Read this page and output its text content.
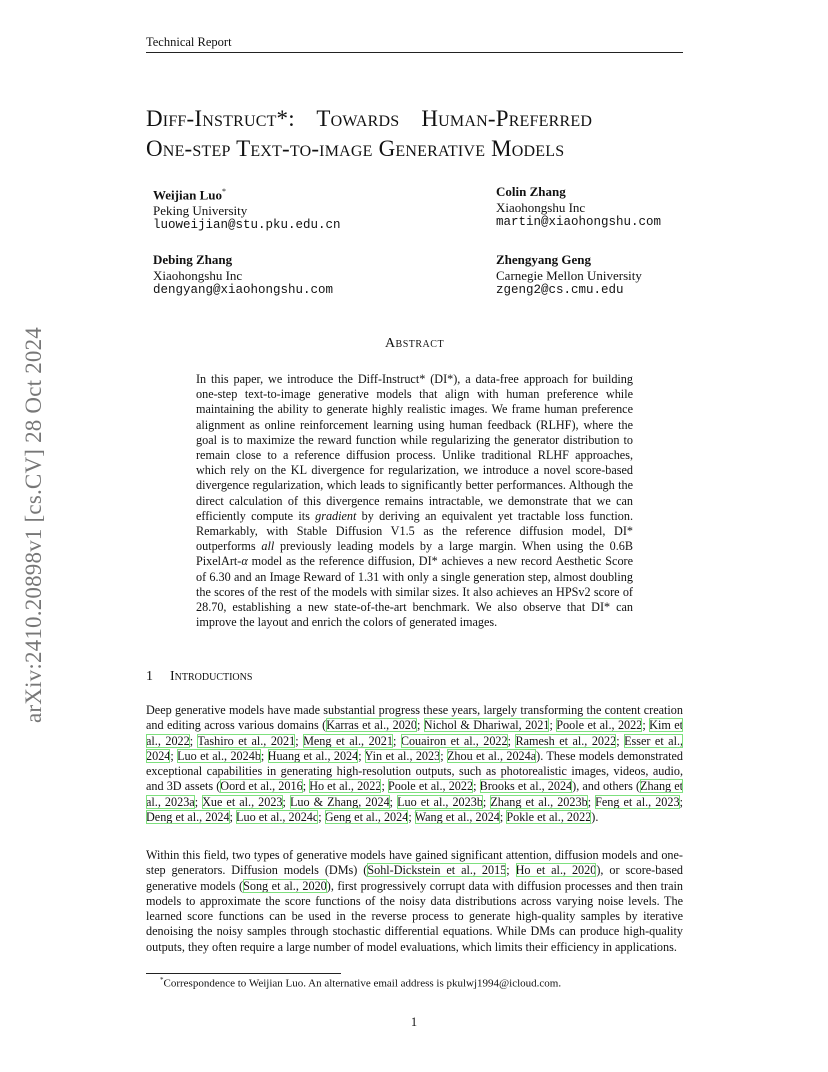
Technical Report
arXiv:2410.20898v1 [cs.CV] 28 Oct 2024
Diff-Instruct*: Towards Human-Preferred
One-step Text-to-image Generative Models
Weijian Luo*
Peking University
luoweijian@stu.pku.edu.cn
Colin Zhang
Xiaohongshu Inc
martin@xiaohongshu.com
Debing Zhang
Xiaohongshu Inc
dengyang@xiaohongshu.com
Zhengyang Geng
Carnegie Mellon University
zgeng2@cs.cmu.edu
Abstract
In this paper, we introduce the Diff-Instruct* (DI*), a data-free approach for building one-step text-to-image generative models that align with human preference while maintaining the ability to generate highly realistic images. We frame human preference alignment as online reinforcement learning using human feedback (RLHF), where the goal is to maximize the reward function while regularizing the generator distribution to remain close to a reference diffusion process. Unlike traditional RLHF approaches, which rely on the KL divergence for regularization, we introduce a novel score-based divergence regularization, which leads to significantly better performances. Although the direct calculation of this divergence remains intractable, we demonstrate that we can efficiently compute its gradient by deriving an equivalent yet tractable loss function. Remarkably, with Stable Diffusion V1.5 as the reference diffusion model, DI* outperforms all previously leading models by a large margin. When using the 0.6B PixelArt-α model as the reference diffusion, DI* achieves a new record Aesthetic Score of 6.30 and an Image Reward of 1.31 with only a single generation step, almost doubling the scores of the rest of the models with similar sizes. It also achieves an HPSv2 score of 28.70, establishing a new state-of-the-art benchmark. We also observe that DI* can improve the layout and enrich the colors of generated images.
1 Introductions
Deep generative models have made substantial progress these years, largely transforming the content creation and editing across various domains (Karras et al., 2020; Nichol & Dhariwal, 2021; Poole et al., 2022; Kim et al., 2022; Tashiro et al., 2021; Meng et al., 2021; Couairon et al., 2022; Ramesh et al., 2022; Esser et al., 2024; Luo et al., 2024b; Huang et al., 2024; Yin et al., 2023; Zhou et al., 2024a). These models demonstrated exceptional capabilities in generating high-resolution outputs, such as photorealistic images, videos, audio, and 3D assets (Oord et al., 2016; Ho et al., 2022; Poole et al., 2022; Brooks et al., 2024), and others (Zhang et al., 2023a; Xue et al., 2023; Luo & Zhang, 2024; Luo et al., 2023b; Zhang et al., 2023b; Feng et al., 2023; Deng et al., 2024; Luo et al., 2024c; Geng et al., 2024; Wang et al., 2024; Pokle et al., 2022).
Within this field, two types of generative models have gained significant attention, diffusion models and one-step generators. Diffusion models (DMs) (Sohl-Dickstein et al., 2015; Ho et al., 2020), or score-based generative models (Song et al., 2020), first progressively corrupt data with diffusion processes and then train models to approximate the score functions of the noisy data distributions across varying noise levels. The learned score functions can be used in the reverse process to generate high-quality samples by iterative denoising the noisy samples through stochastic differential equations. While DMs can produce high-quality outputs, they often require a large number of model evaluations, which limits their efficiency in applications.
*Correspondence to Weijian Luo. An alternative email address is pkulwj1994@icloud.com.
1
